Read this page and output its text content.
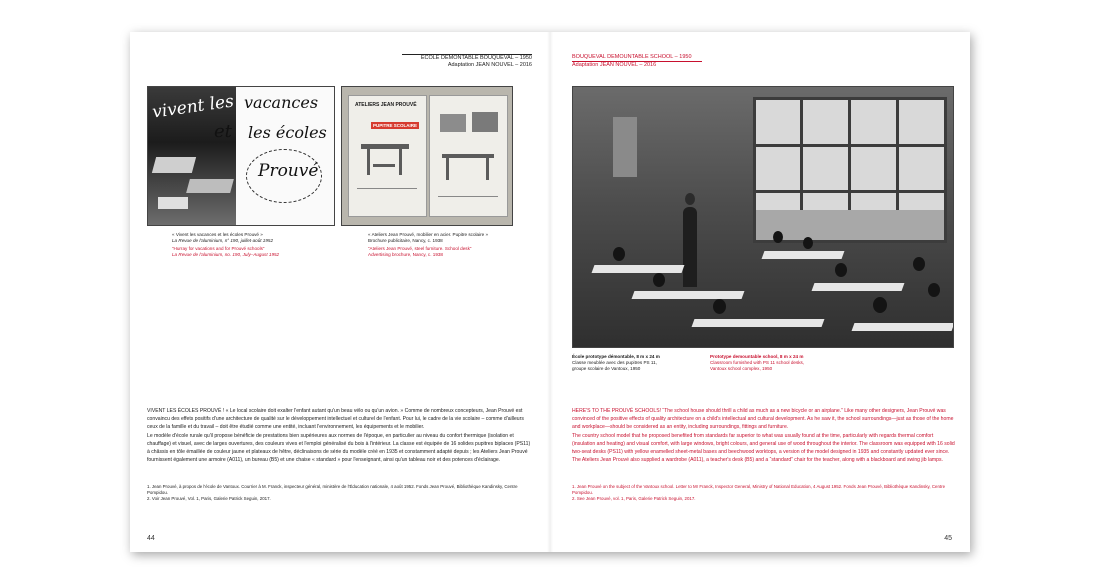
ÉCOLE DÉMONTABLE BOUQUEVAL – 1950
Adaptation JEAN NOUVEL – 2016
vivent les vacances
et les écoles
Prouvé
« Vivent les vacances et les écoles Prouvé »
La Revue de l'aluminium, n° 190, juillet-août 1952
“Hurray for vacations and for Prouvé schools”
La Revue de l'aluminium, no. 190, July–August 1952
ATELIERS JEAN PROUVÉ
PUPITRE SCOLAIRE
« Ateliers Jean Prouvé, mobilier en acier. Pupitre scolaire »
Brochure publicitaire, Nancy, c. 1938
“Ateliers Jean Prouvé, steel furniture. School desk”
Advertising brochure, Nancy, c. 1938
VIVENT LES ÉCOLES PROUVÉ ! « Le local scolaire doit exalter l'enfant autant qu'un beau vélo ou qu'un avion. » Comme de nombreux concepteurs, Jean Prouvé est convaincu des effets positifs d'une architecture de qualité sur le développement intellectuel et culturel de l'enfant. Pour lui, le cadre de la vie scolaire – comme d'ailleurs ceux de la famille et du travail – doit être étudié comme une entité, incluant l'environnement, les équipements et le mobilier.
Le modèle d'école rurale qu'il propose bénéficie de prestations bien supérieures aux normes de l'époque, en particulier au niveau du confort thermique (isolation et chauffage) et visuel, avec de larges ouvertures, des couleurs vives et l'emploi généralisé du bois à l'intérieur. La classe est équipée de 16 solides pupitres biplaces (PS11) à châssis en tôle émaillée de couleur jaune et plateaux de hêtre, déclinaisons de série du modèle créé en 1935 et constamment adapté depuis ; les Ateliers Jean Prouvé fournissent également une armoire (A011), un bureau (B5) et une chaise « standard » pour l'enseignant, ainsi qu'un tableau noir et des potences d'éclairage.
1. Jean Prouvé, à propos de l'école de Vantoux. Courrier à M. Franck, inspecteur général, ministère de l'Éducation nationale, 4 août 1952. Fonds Jean Prouvé, Bibliothèque Kandinsky, Centre Pompidou.
2. Voir Jean Prouvé, Vol. 1, Paris, Galerie Patrick Seguin, 2017.
44
BOUQUEVAL DEMOUNTABLE SCHOOL – 1950
Adaptation JEAN NOUVEL – 2016
École prototype démontable, 8 m x 24 m
Classe meublée avec des pupitres PS 11,
groupe scolaire de Vantoux, 1950
Prototype demountable school, 8 m x 24 m
Classroom furnished with PS 11 school desks,
Vantoux school complex, 1950
HERE'S TO THE PROUVÉ SCHOOLS! “The school house should thrill a child as much as a new bicycle or an airplane.” Like many other designers, Jean Prouvé was convinced of the positive effects of quality architecture on a child's intellectual and cultural development. As he saw it, the school surroundings—just as those of the home and workplace—should be considered as an entity, including surroundings, fittings and furniture.
The country school model that he proposed benefited from standards far superior to what was usually found at the time, particularly with regards thermal comfort (insulation and heating) and visual comfort, with large windows, bright colours, and general use of wood throughout the interior. The classroom was equipped with 16 solid two-seat desks (PS11) with yellow enamelled sheet-metal bases and beechwood worktops, a version of the model designed in 1935 and constantly updated ever since. The Ateliers Jean Prouvé also supplied a wardrobe (A011), a teacher's desk (B5) and a “standard” chair for the teacher, along with a blackboard and swing jib lamps.
1. Jean Prouvé on the subject of the Vantoux school. Letter to Mr Franck, Inspector General, Ministry of National Education, 4 August 1952. Fonds Jean Prouvé, Bibliothèque Kandinsky, Centre Pompidou.
2. See Jean Prouvé, vol. 1, Paris, Galerie Patrick Seguin, 2017.
45
